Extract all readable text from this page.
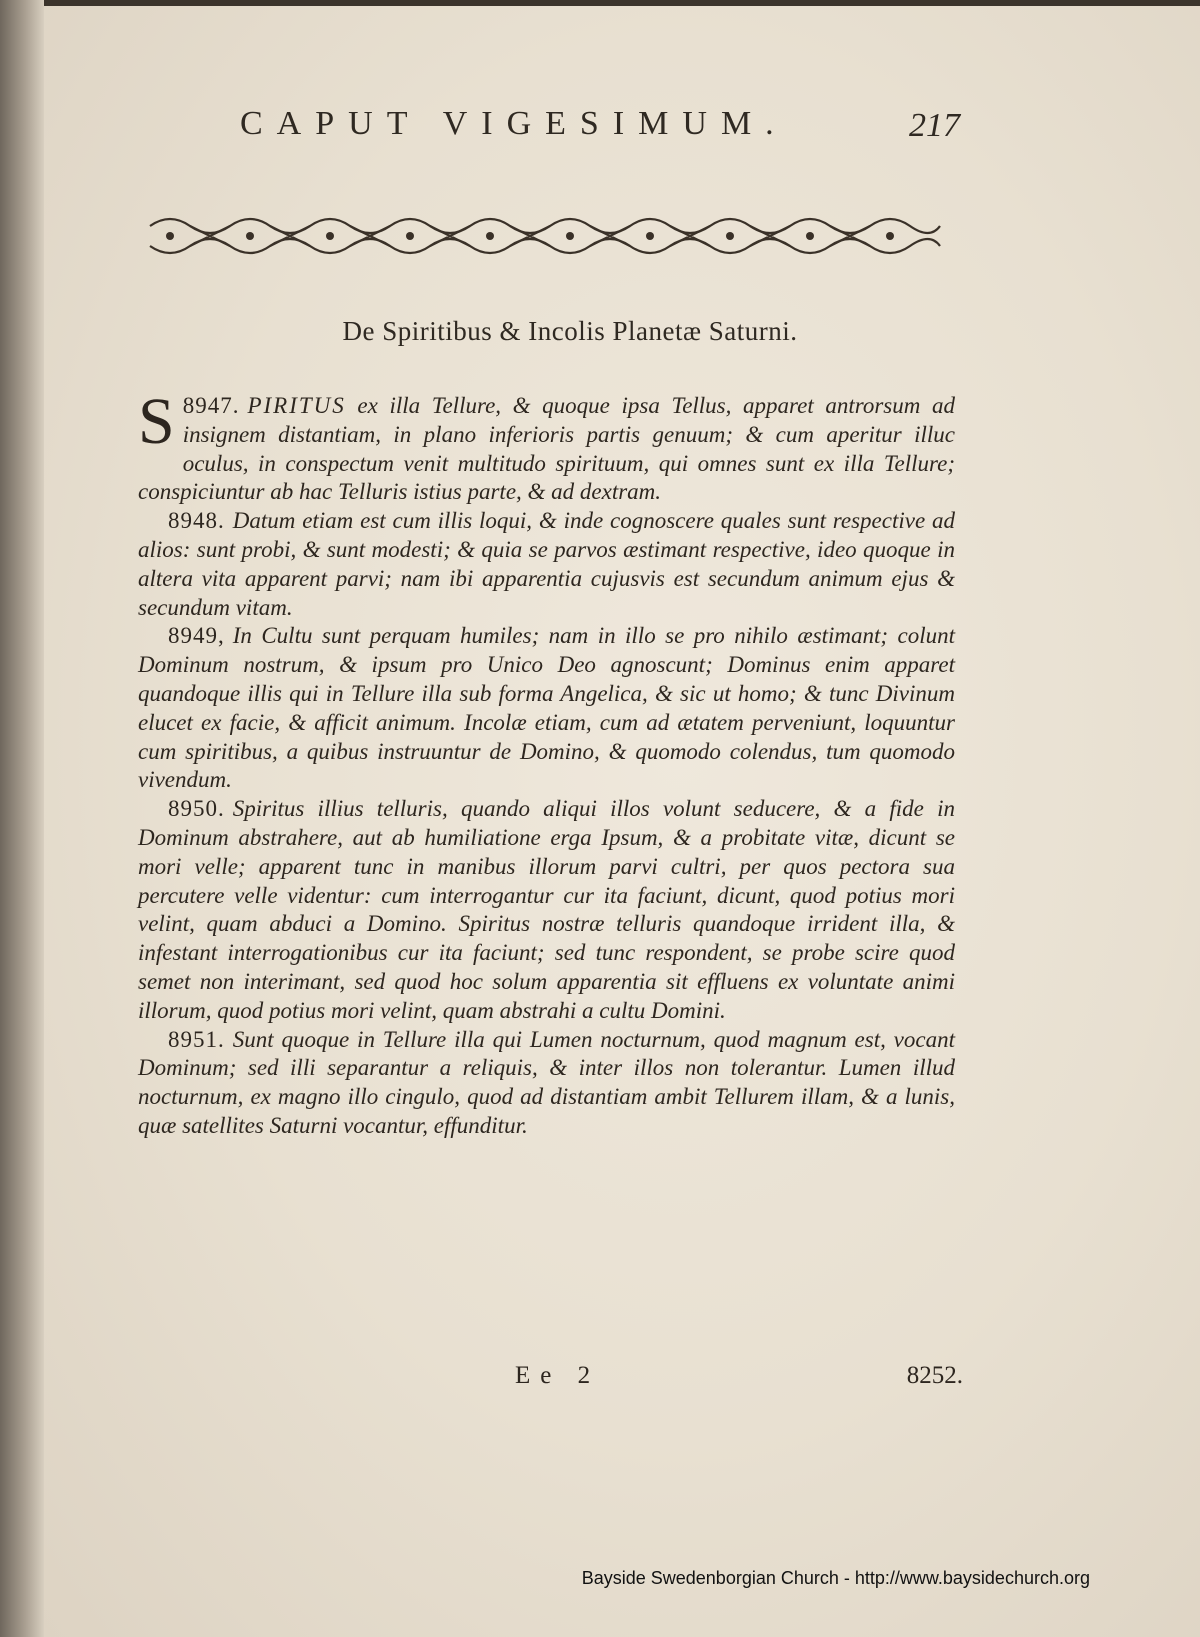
CAPUT VIGESIMUM.	217
De Spiritibus & Incolis Planetæ Saturni.

8947.
S	PIRITUS ex illa Tellure, & quoque ipsa Tellus, apparet antrorsum ad insignem distantiam, in plano inferioris partis genuum; & cum aperitur illuc oculus, in conspectum venit multitudo spirituum, qui omnes sunt ex illa Tellure; conspiciuntur ab hac Telluris istius parte, & ad dextram.

8948. Datum etiam est cum illis loqui, & inde cognoscere quales sunt respective ad alios: sunt probi, & sunt modesti; & quia se parvos æstimant respective, ideo quoque in altera vita apparent parvi; nam ibi apparentia cujusvis est secundum animum ejus & secundum vitam.

8949, In Cultu sunt perquam humiles; nam in illo se pro nihilo æstimant; colunt Dominum nostrum, & ipsum pro Unico Deo agnoscunt; Dominus enim apparet quandoque illis qui in Tellure illa sub forma Angelica, & sic ut homo; & tunc Divinum elucet ex facie, & afficit animum. Incolæ etiam, cum ad ætatem perveniunt, loquuntur cum spiritibus, a quibus instruuntur de Domino, & quomodo colendus, tum quomodo vivendum.

8950. Spiritus illius telluris, quando aliqui illos volunt seducere, & a fide in Dominum abstrahere, aut ab humiliatione erga Ipsum, & a probitate vitæ, dicunt se mori velle; apparent tunc in manibus illorum parvi cultri, per quos pectora sua percutere velle videntur: cum interrogantur cur ita faciunt, dicunt, quod potius mori velint, quam abduci a Domino. Spiritus nostræ telluris quandoque irrident illa, & infestant interrogationibus cur ita faciunt; sed tunc respondent, se probe scire quod semet non interimant, sed quod hoc solum apparentia sit effluens ex voluntate animi illorum, quod potius mori velint, quam abstrahi a cultu Domini.

8951. Sunt quoque in Tellure illa qui Lumen nocturnum, quod magnum est, vocant Dominum; sed illi separantur a reliquis, & inter illos non tolerantur. Lumen illud nocturnum, ex magno illo cingulo, quod ad distantiam ambit Tellurem illam, & a lunis, quæ satellites Saturni vocantur, effunditur.

Ee 2	8252.
Bayside Swedenborgian Church - http://www.baysidechurch.org
